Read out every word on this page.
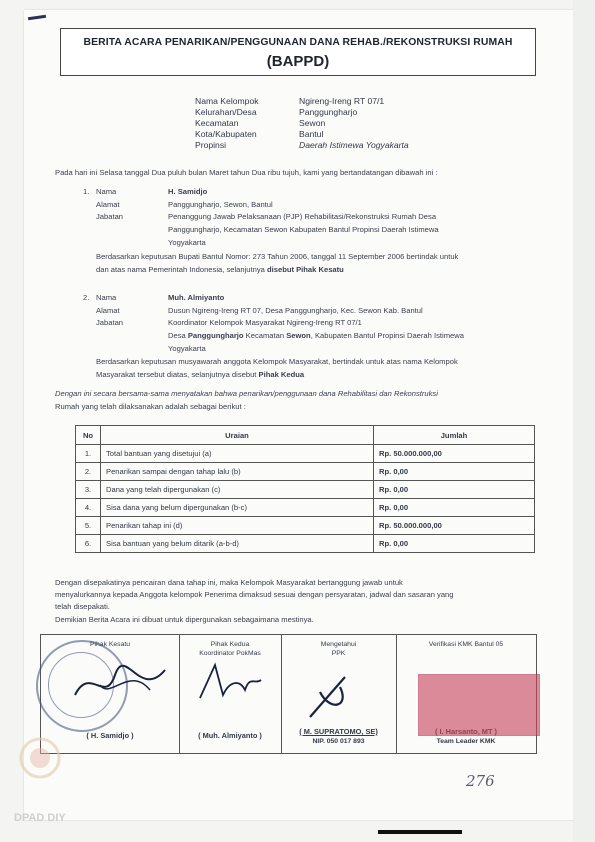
BERITA ACARA PENARIKAN/PENGGUNAAN DANA REHAB./REKONSTRUKSI RUMAH
(BAPPD)
Nama Kelompok	Ngireng-Ireng RT 07/1
Kelurahan/Desa	Panggungharjo
Kecamatan	Sewon
Kota/Kabupaten	Bantul
Propinsi	Daerah Istimewa Yogyakarta
Pada hari ini Selasa tanggal Dua puluh bulan Maret tahun Dua ribu tujuh, kami yang bertandatangan dibawah ini :
1. Nama	H. Samidjo
Alamat	Panggungharjo, Sewon, Bantul
Jabatan	Penanggung Jawab Pelaksanaan (PJP) Rehabilitasi/Rekonstruksi Rumah Desa
Panggungharjo, Kecamatan Sewon Kabupaten Bantul Propinsi Daerah Istimewa
Yogyakarta
Berdasarkan keputusan Bupati Bantul Nomor: 273 Tahun 2006, tanggal 11 September 2006 bertindak untuk
dan atas nama Pemerintah Indonesia, selanjutnya disebut Pihak Kesatu
2. Nama	Muh. Almiyanto
Alamat	Dusun Ngireng-Ireng RT 07, Desa Panggungharjo, Kec. Sewon Kab. Bantul
Jabatan	Koordinator Kelompok Masyarakat Ngireng-Ireng RT 07/1
Desa Panggungharjo Kecamatan Sewon, Kabupaten Bantul Propinsi Daerah Istimewa
Yogyakarta
Berdasarkan keputusan musyawarah anggota Kelompok Masyarakat, bertindak untuk atas nama Kelompok
Masyarakat tersebut diatas, selanjutnya disebut Pihak Kedua
Dengan ini secara bersama-sama menyatakan bahwa penarikan/penggunaan dana Rehabilitasi dan Rekonstruksi
Rumah yang telah dilaksanakan adalah sebagai berikut :
No	Uraian	Jumlah
1.	Total bantuan yang disetujui (a)	Rp. 50.000.000,00
2.	Penarikan sampai dengan tahap lalu (b)	Rp. 0,00
3.	Dana yang telah dipergunakan (c)	Rp. 0,00
4.	Sisa dana yang belum dipergunakan (b-c)	Rp. 0,00
5.	Penarikan tahap ini (d)	Rp. 50.000.000,00
6.	Sisa bantuan yang belum ditarik (a-b-d)	Rp. 0,00
Dengan disepakatinya pencairan dana tahap ini, maka Kelompok Masyarakat bertanggung jawab untuk
menyalurkannya kepada Anggota kelompok Penerima dimaksud sesuai dengan persyaratan, jadwal dan sasaran yang
telah disepakati.
Demikian Berita Acara ini dibuat untuk dipergunakan sebagaimana mestinya.
Pihak Kesatu
( H. Samidjo )
Pihak Kedua
Koordinator PokMas
( Muh. Almiyanto )
Mengetahui
PPK
( M. SUPRATOMO, SE)
NIP. 050 017 893
Verifikasi KMK Bantul 05
Team Leader KMK
276
DPAD DIY
